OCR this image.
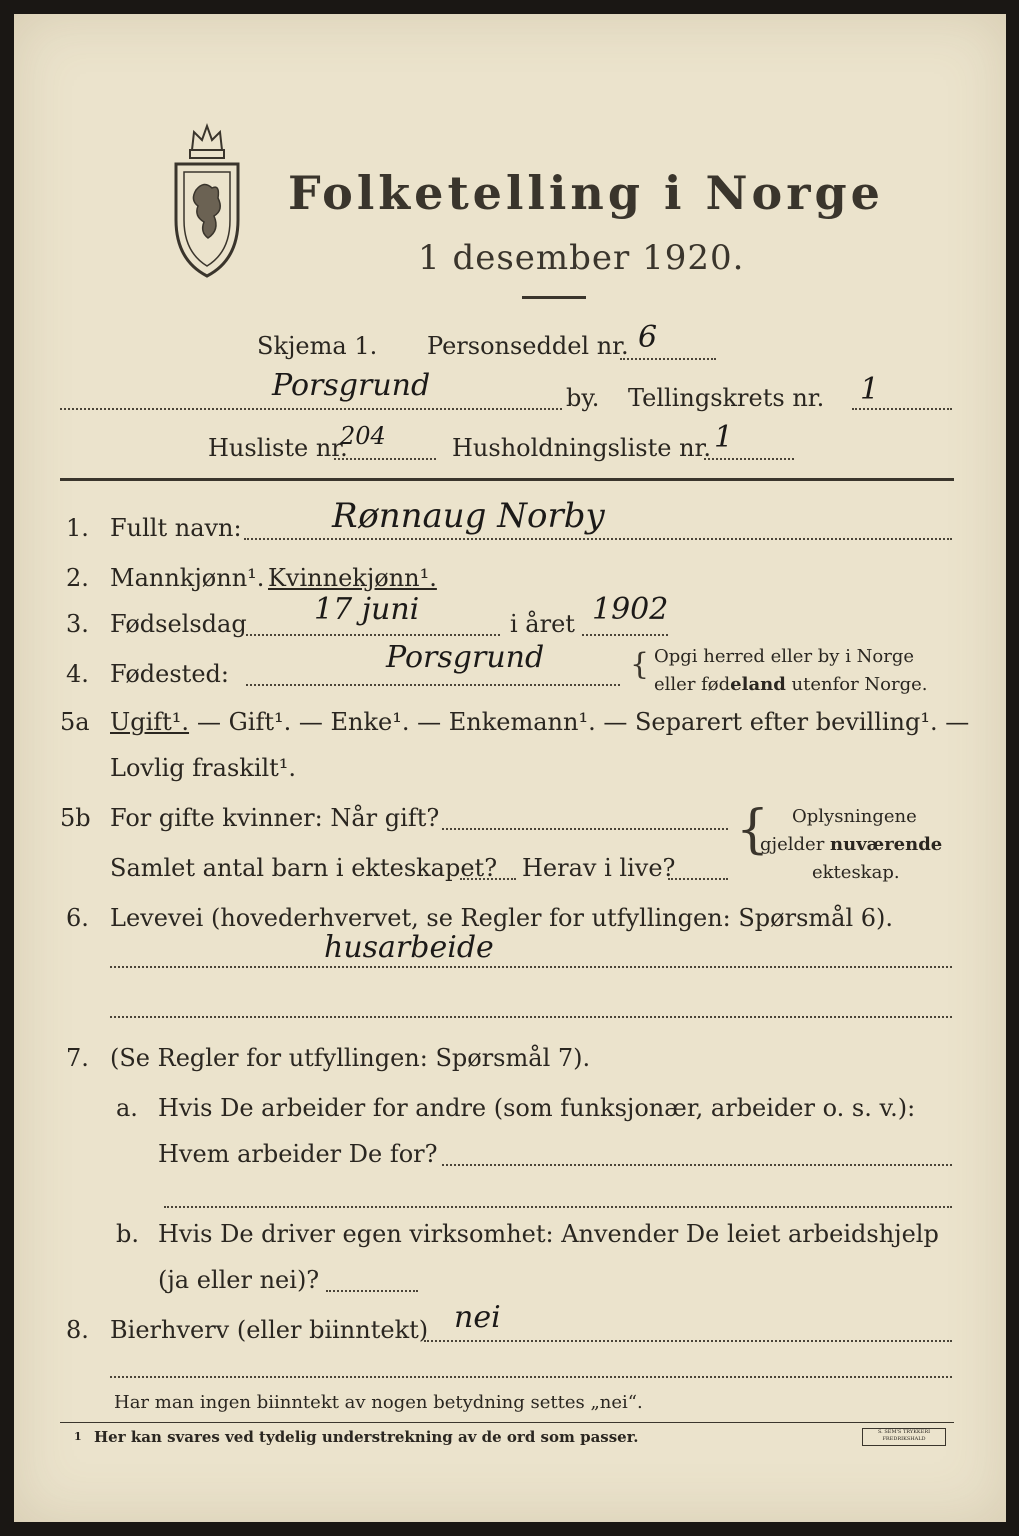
Folketelling i Norge
1 desember 1920.
Skjema 1. Personseddel nr. 6
Porsgrund	by. Tellingskrets nr. 1
Husliste nr.
204	Husholdningsliste nr. 1
1. Fullt navn:	Rønnaug Norby
2. Mannkjønn¹. Kvinnekjønn¹.
3. Fødselsdag 17 juni	i året 1902
4. Fødested:	Porsgrund	{ Opgi herred eller by i Norge
eller fødeland utenfor Norge.
5a Ugift¹. — Gift¹. — Enke¹. — Enkemann¹. — Separert efter bevilling¹. —
Lovlig fraskilt¹.
5b For gifte kvinner: Når gift?
Samlet antal barn i ekteskapet? Herav i live?
{ Oplysningene
gjelder nuværende
ekteskap.
6. Levevei (hovederhvervet, se Regler for utfyllingen: Spørsmål 6).
husarbeide
7. (Se Regler for utfyllingen: Spørsmål 7).
a. Hvis De arbeider for andre (som funksjonær, arbeider o. s. v.):
Hvem arbeider De for?
b. Hvis De driver egen virksomhet: Anvender De leiet arbeidshjelp
(ja eller nei)?
8. Bierhverv (eller biinntekt) nei
Har man ingen biinntekt av nogen betydning settes „nei“.
1 Her kan svares ved tydelig understrekning av de ord som passer.	S. SEM'S TRYKKERI FREDRIKSHALD
